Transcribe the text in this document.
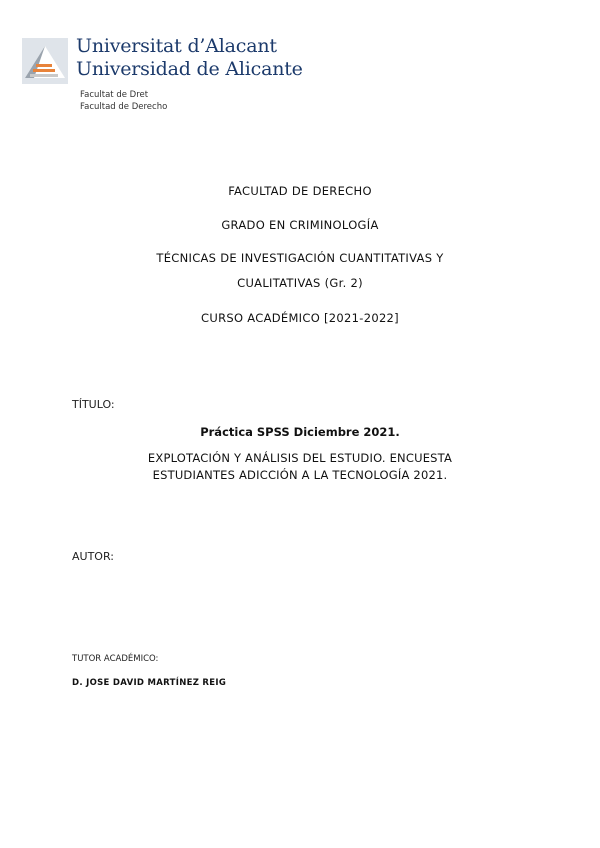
Universitat d’Alacant
Universidad de Alicante
Facultat de Dret
Facultad de Derecho
FACULTAD DE DERECHO
GRADO EN CRIMINOLOGÍA
TÉCNICAS DE INVESTIGACIÓN CUANTITATIVAS Y
CUALITATIVAS (Gr. 2)
CURSO ACADÉMICO [2021-2022]
TÍTULO:
Práctica SPSS Diciembre 2021.
EXPLOTACIÓN Y ANÁLISIS DEL ESTUDIO. ENCUESTA
ESTUDIANTES ADICCIÓN A LA TECNOLOGÍA 2021.
AUTOR:
TUTOR ACADÉMICO:
D. JOSE DAVID MARTÍNEZ REIG
